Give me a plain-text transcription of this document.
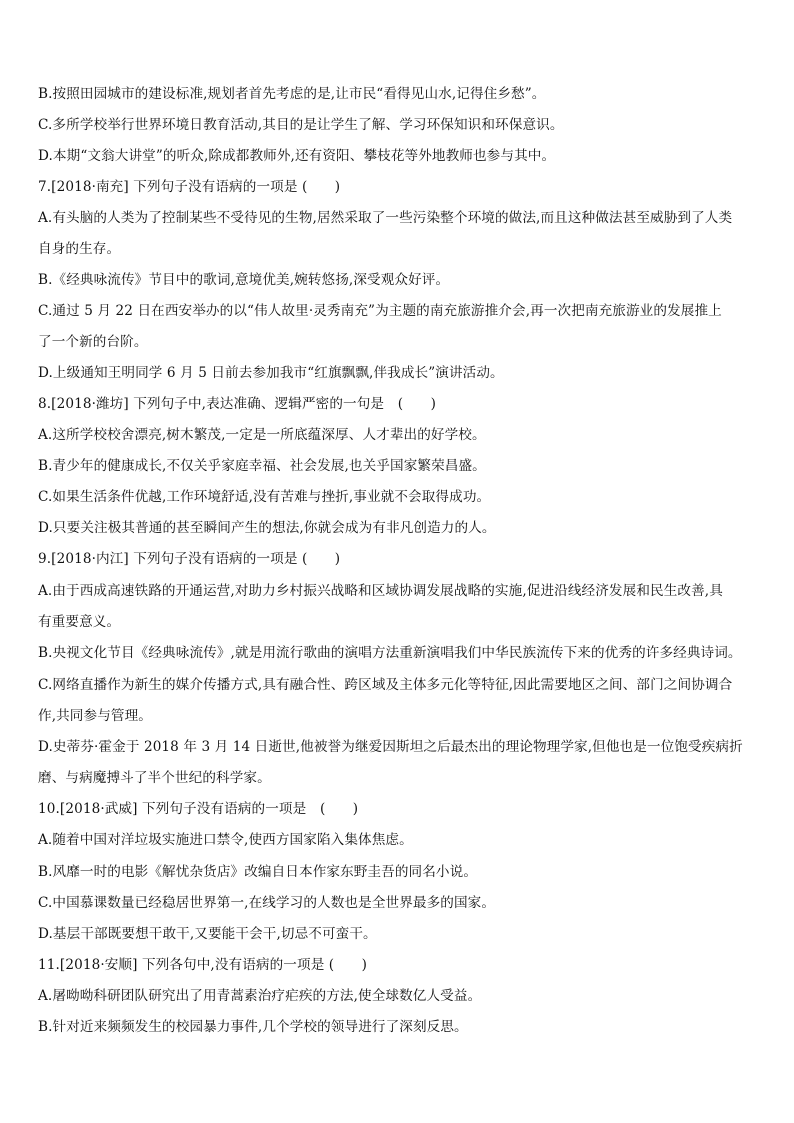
B.按照田园城市的建设标准,规划者首先考虑的是,让市民“看得见山水,记得住乡愁”。
C.多所学校举行世界环境日教育活动,其目的是让学生了解、学习环保知识和环保意识。
D.本期“文翁大讲堂”的听众,除成都教师外,还有资阳、攀枝花等外地教师也参与其中。
7.[2018·南充] 下列句子没有语病的一项是 (　　)
A.有头脑的人类为了控制某些不受待见的生物,居然采取了一些污染整个环境的做法,而且这种做法甚至威胁到了人类
自身的生存。
B.《经典咏流传》节目中的歌词,意境优美,婉转悠扬,深受观众好评。
C.通过 5 月 22 日在西安举办的以“伟人故里·灵秀南充”为主题的南充旅游推介会,再一次把南充旅游业的发展推上
了一个新的台阶。
D.上级通知王明同学 6 月 5 日前去参加我市“红旗飘飘,伴我成长”演讲活动。
8.[2018·潍坊] 下列句子中,表达准确、逻辑严密的一句是　(　　)
A.这所学校校舍漂亮,树木繁茂,一定是一所底蕴深厚、人才辈出的好学校。
B.青少年的健康成长,不仅关乎家庭幸福、社会发展,也关乎国家繁荣昌盛。
C.如果生活条件优越,工作环境舒适,没有苦难与挫折,事业就不会取得成功。
D.只要关注极其普通的甚至瞬间产生的想法,你就会成为有非凡创造力的人。
9.[2018·内江] 下列句子没有语病的一项是 (　　)
A.由于西成高速铁路的开通运营,对助力乡村振兴战略和区域协调发展战略的实施,促进沿线经济发展和民生改善,具
有重要意义。
B.央视文化节目《经典咏流传》,就是用流行歌曲的演唱方法重新演唱我们中华民族流传下来的优秀的许多经典诗词。
C.网络直播作为新生的媒介传播方式,具有融合性、跨区域及主体多元化等特征,因此需要地区之间、部门之间协调合
作,共同参与管理。
D.史蒂芬·霍金于 2018 年 3 月 14 日逝世,他被誉为继爱因斯坦之后最杰出的理论物理学家,但他也是一位饱受疾病折
磨、与病魔搏斗了半个世纪的科学家。
10.[2018·武威] 下列句子没有语病的一项是　(　　)
A.随着中国对洋垃圾实施进口禁令,使西方国家陷入集体焦虑。
B.风靡一时的电影《解忧杂货店》改编自日本作家东野圭吾的同名小说。
C.中国慕课数量已经稳居世界第一,在线学习的人数也是全世界最多的国家。
D.基层干部既要想干敢干,又要能干会干,切忌不可蛮干。
11.[2018·安顺] 下列各句中,没有语病的一项是 (　　)
A.屠呦呦科研团队研究出了用青蒿素治疗疟疾的方法,使全球数亿人受益。
B.针对近来频频发生的校园暴力事件,几个学校的领导进行了深刻反思。
